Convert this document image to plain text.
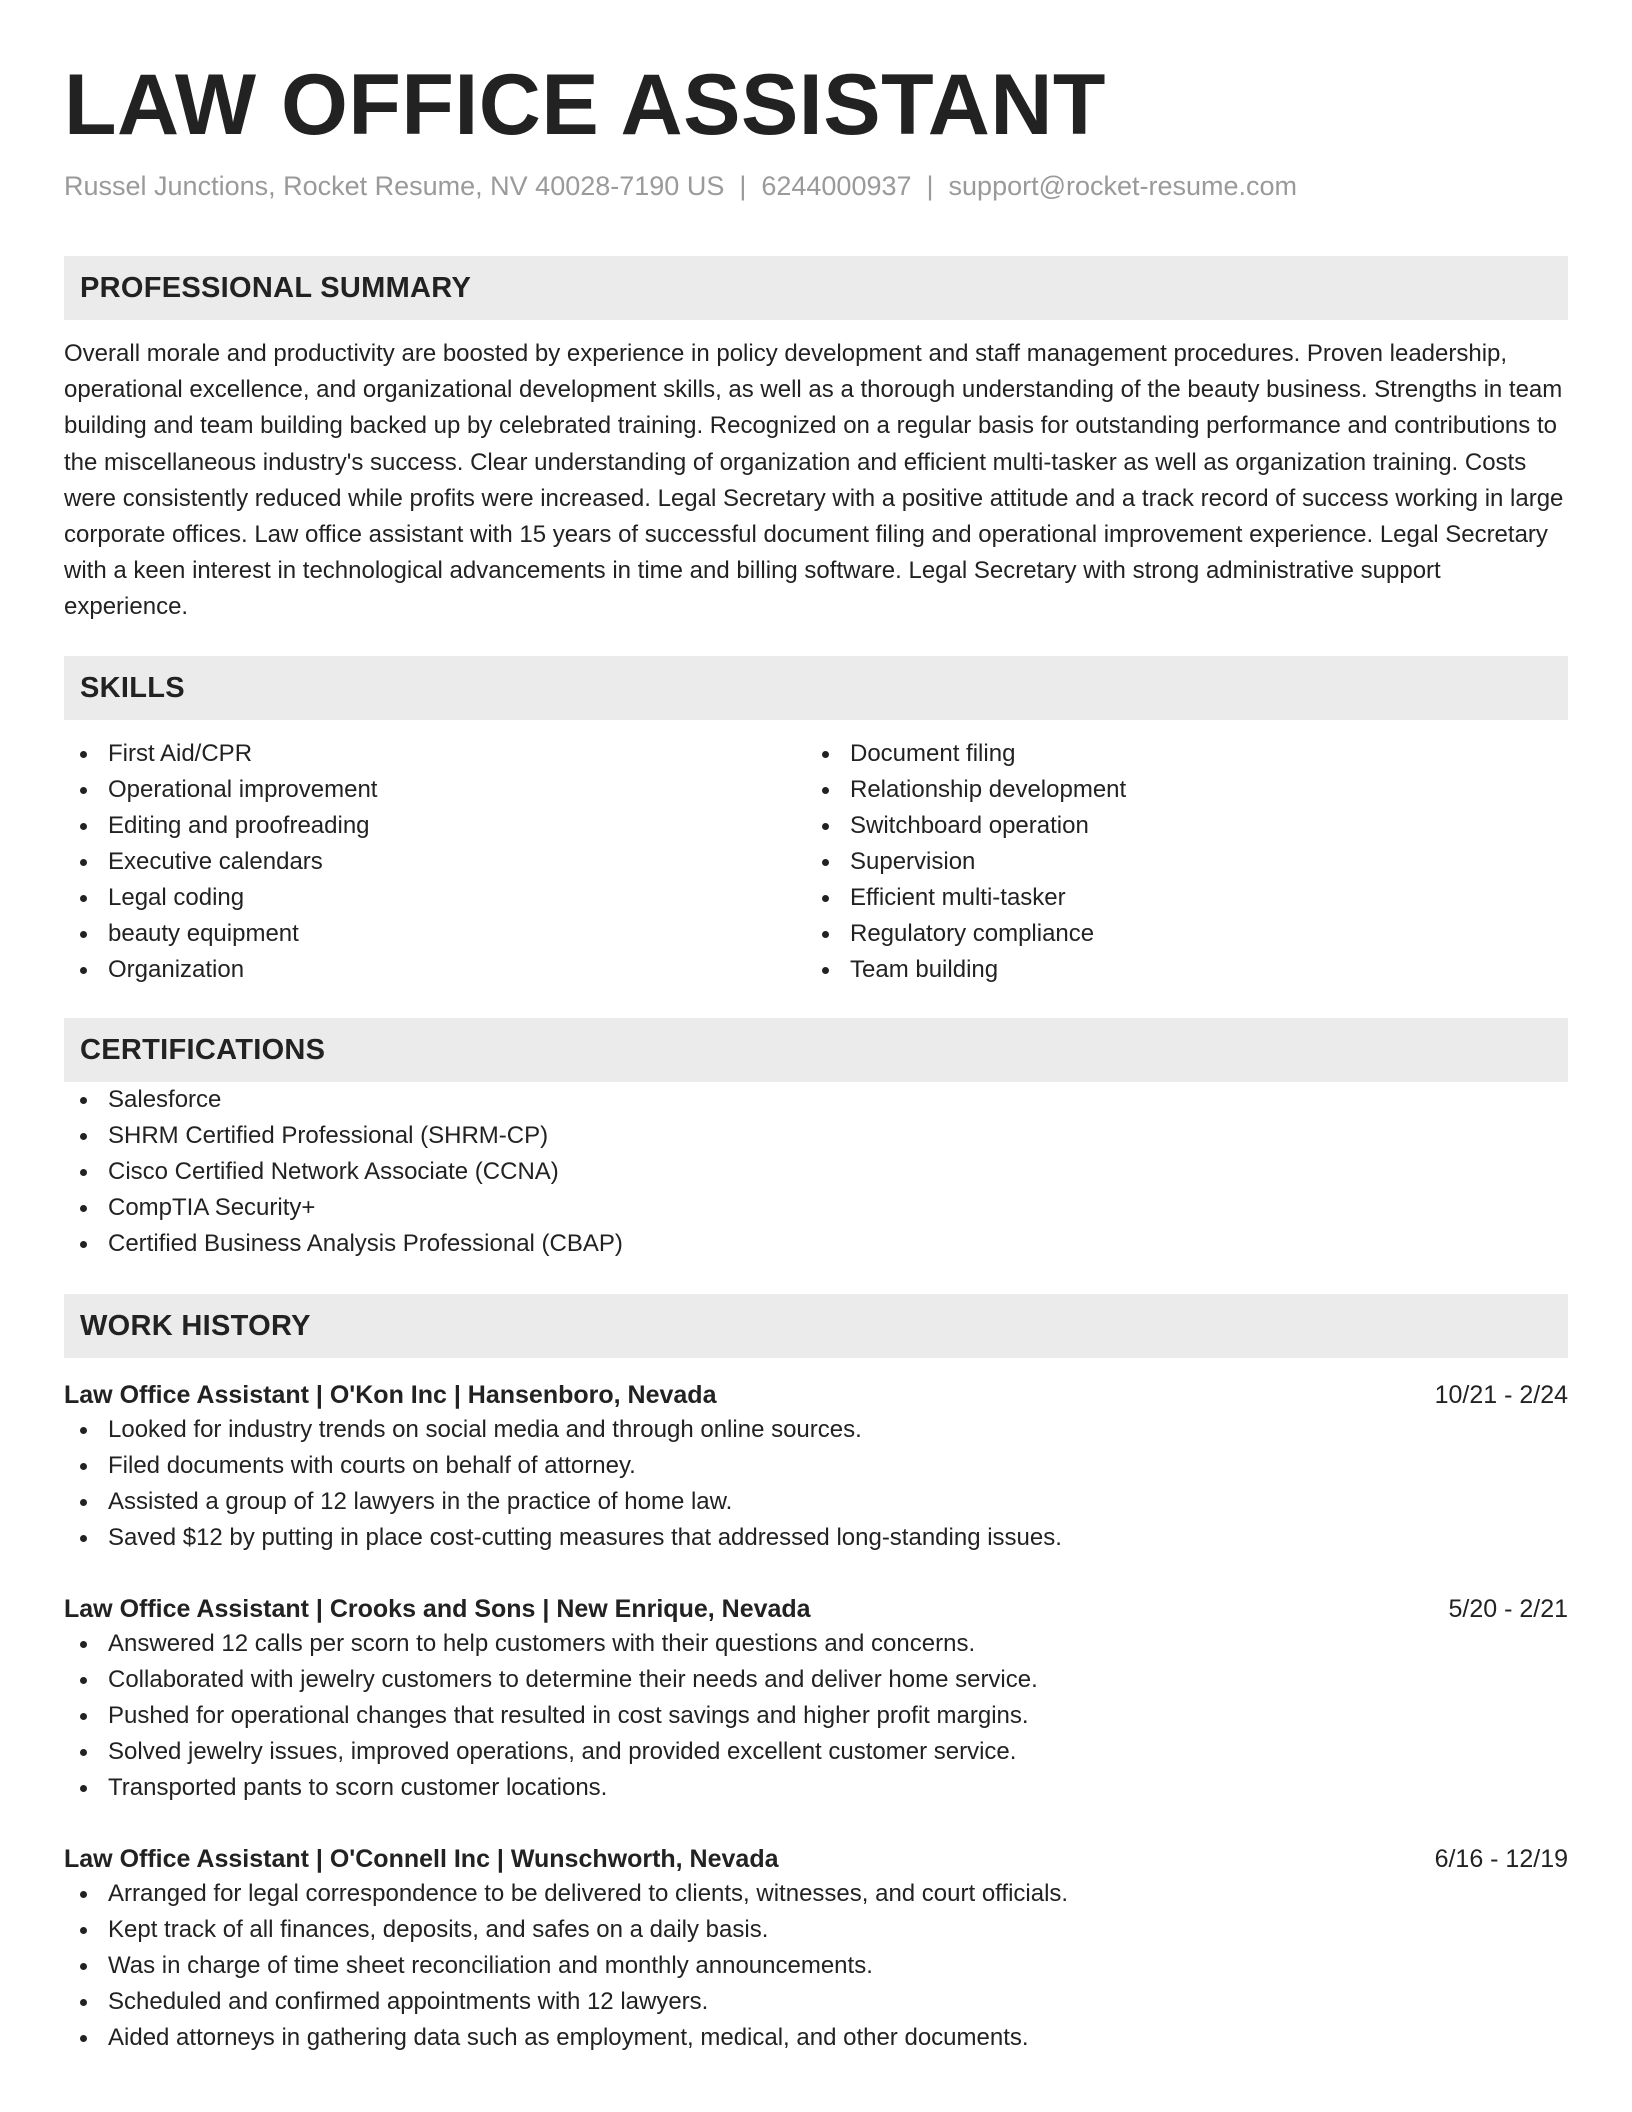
LAW OFFICE ASSISTANT
Russel Junctions, Rocket Resume, NV 40028-7190 US | 6244000937 | support@rocket-resume.com
PROFESSIONAL SUMMARY
Overall morale and productivity are boosted by experience in policy development and staff management procedures. Proven leadership, operational excellence, and organizational development skills, as well as a thorough understanding of the beauty business. Strengths in team building and team building backed up by celebrated training. Recognized on a regular basis for outstanding performance and contributions to the miscellaneous industry's success. Clear understanding of organization and efficient multi-tasker as well as organization training. Costs were consistently reduced while profits were increased. Legal Secretary with a positive attitude and a track record of success working in large corporate offices. Law office assistant with 15 years of successful document filing and operational improvement experience. Legal Secretary with a keen interest in technological advancements in time and billing software. Legal Secretary with strong administrative support experience.
SKILLS
First Aid/CPR
Operational improvement
Editing and proofreading
Executive calendars
Legal coding
beauty equipment
Organization
Document filing
Relationship development
Switchboard operation
Supervision
Efficient multi-tasker
Regulatory compliance
Team building
CERTIFICATIONS
Salesforce
SHRM Certified Professional (SHRM-CP)
Cisco Certified Network Associate (CCNA)
CompTIA Security+
Certified Business Analysis Professional (CBAP)
WORK HISTORY
Law Office Assistant | O'Kon Inc | Hansenboro, Nevada	10/21 - 2/24
Looked for industry trends on social media and through online sources.
Filed documents with courts on behalf of attorney.
Assisted a group of 12 lawyers in the practice of home law.
Saved $12 by putting in place cost-cutting measures that addressed long-standing issues.
Law Office Assistant | Crooks and Sons | New Enrique, Nevada	5/20 - 2/21
Answered 12 calls per scorn to help customers with their questions and concerns.
Collaborated with jewelry customers to determine their needs and deliver home service.
Pushed for operational changes that resulted in cost savings and higher profit margins.
Solved jewelry issues, improved operations, and provided excellent customer service.
Transported pants to scorn customer locations.
Law Office Assistant | O'Connell Inc | Wunschworth, Nevada	6/16 - 12/19
Arranged for legal correspondence to be delivered to clients, witnesses, and court officials.
Kept track of all finances, deposits, and safes on a daily basis.
Was in charge of time sheet reconciliation and monthly announcements.
Scheduled and confirmed appointments with 12 lawyers.
Aided attorneys in gathering data such as employment, medical, and other documents.
